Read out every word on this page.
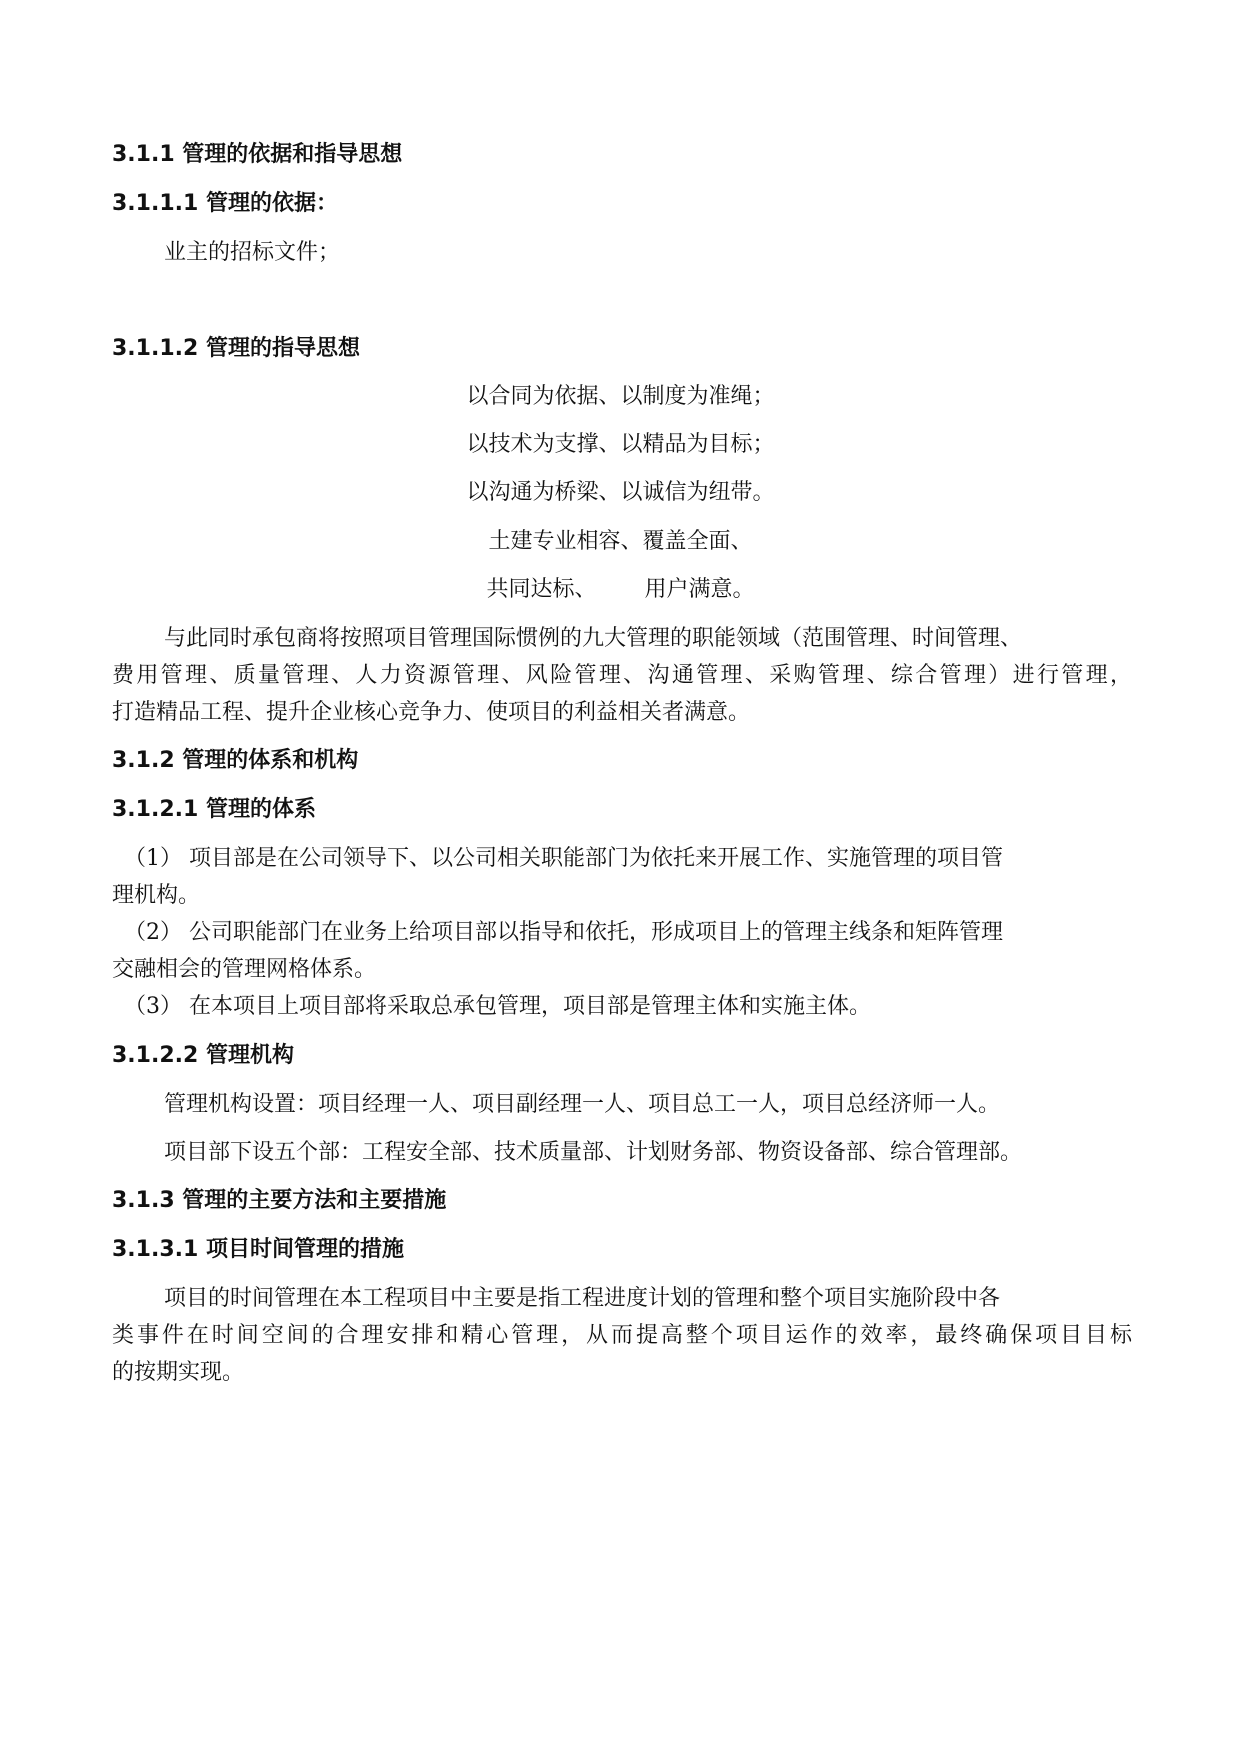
3.1.1 管理的依据和指导思想
3.1.1.1 管理的依据：
业主的招标文件；
3.1.1.2 管理的指导思想
以合同为依据、以制度为准绳；
以技术为支撑、以精品为目标；
以沟通为桥梁、以诚信为纽带。
土建专业相容、覆盖全面、
共同达标、 用户满意。
与此同时承包商将按照项目管理国际惯例的九大管理的职能领域（范围管理、时间管理、
费用管理、质量管理、人力资源管理、风险管理、沟通管理、采购管理、综合管理）进行管理，
打造精品工程、提升企业核心竞争力、使项目的利益相关者满意。
3.1.2 管理的体系和机构
3.1.2.1 管理的体系
（1） 项目部是在公司领导下、以公司相关职能部门为依托来开展工作、实施管理的项目管
理机构。
（2） 公司职能部门在业务上给项目部以指导和依托，形成项目上的管理主线条和矩阵管理
交融相会的管理网格体系。
（3） 在本项目上项目部将采取总承包管理，项目部是管理主体和实施主体。
3.1.2.2 管理机构
管理机构设置：项目经理一人、项目副经理一人、项目总工一人，项目总经济师一人。
项目部下设五个部：工程安全部、技术质量部、计划财务部、物资设备部、综合管理部。
3.1.3 管理的主要方法和主要措施
3.1.3.1 项目时间管理的措施
项目的时间管理在本工程项目中主要是指工程进度计划的管理和整个项目实施阶段中各
类事件在时间空间的合理安排和精心管理，从而提高整个项目运作的效率，最终确保项目目标
的按期实现。
